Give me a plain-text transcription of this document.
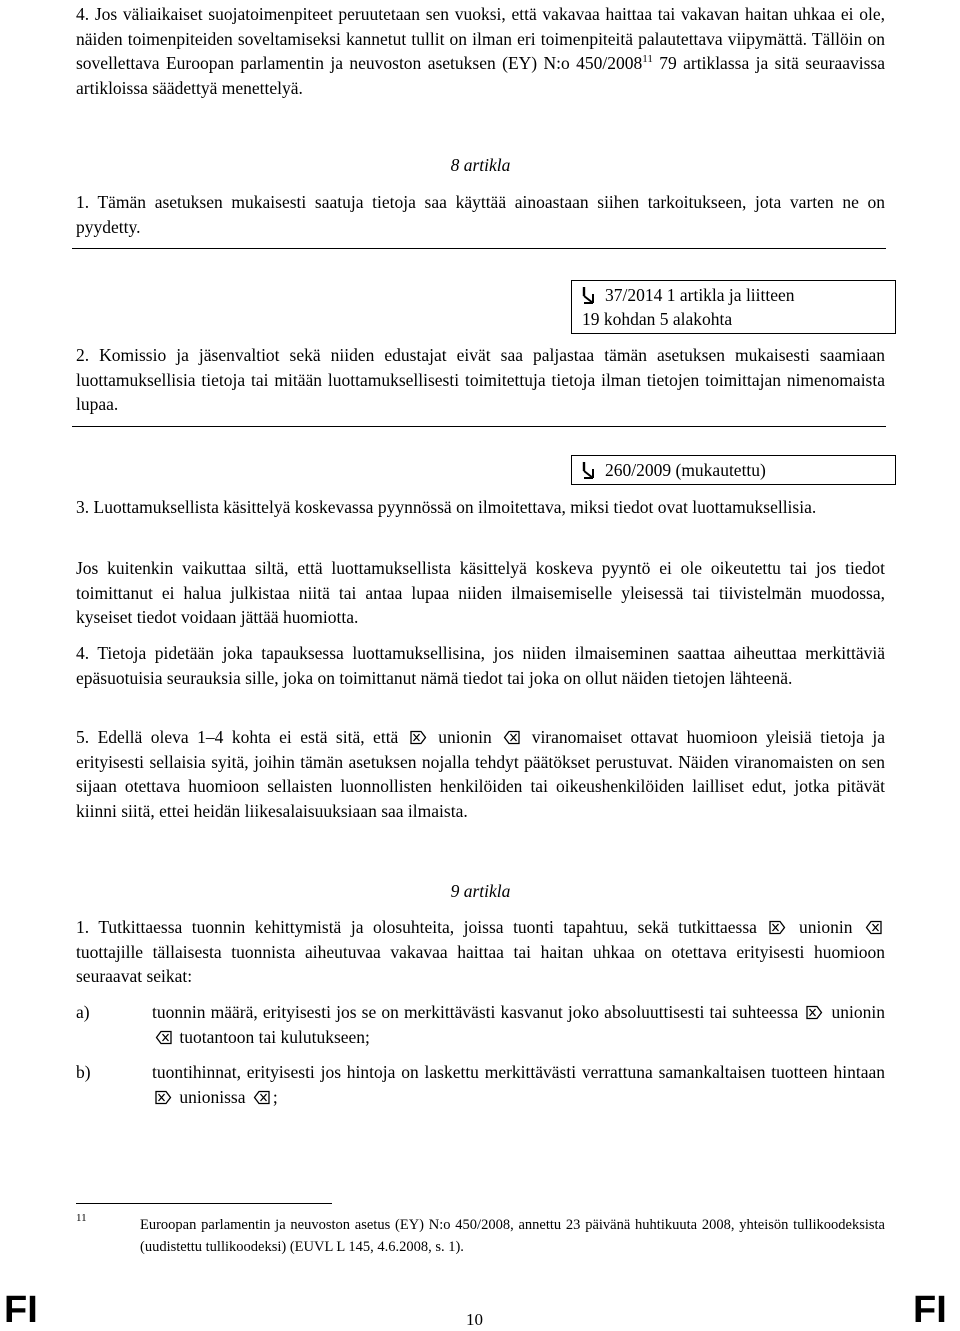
4. Jos väliaikaiset suojatoimenpiteet peruutetaan sen vuoksi, että vakavaa haittaa tai vakavan haitan uhkaa ei ole, näiden toimenpiteiden soveltamiseksi kannetut tullit on ilman eri toimenpiteitä palautettava viipymättä. Tällöin on sovellettava Euroopan parlamentin ja neuvoston asetuksen (EY) N:o 450/2008$^{11}$ 79 artiklassa ja sitä seuraavissa artikloissa säädettyä menettelyä.

8 artikla

1. Tämän asetuksen mukaisesti saatuja tietoja saa käyttää ainoastaan siihen tarkoitukseen, jota varten ne on pyydetty.

37/2014 1 artikla ja liitteen
19 kohdan 5 alakohta

2. Komissio ja jäsenvaltiot sekä niiden edustajat eivät saa paljastaa tämän asetuksen mukaisesti saamiaan luottamuksellisia tietoja tai mitään luottamuksellisesti toimitettuja tietoja ilman tietojen toimittajan nimenomaista lupaa.

260/2009 (mukautettu)

3. Luottamuksellista käsittelyä koskevassa pyynnössä on ilmoitettava, miksi tiedot ovat luottamuksellisia.

Jos kuitenkin vaikuttaa siltä, että luottamuksellista käsittelyä koskeva pyyntö ei ole oikeutettu tai jos tiedot toimittanut ei halua julkistaa niitä tai antaa lupaa niiden ilmaisemiselle yleisessä tai tiivistelmän muodossa, kyseiset tiedot voidaan jättää huomiotta.

4. Tietoja pidetään joka tapauksessa luottamuksellisina, jos niiden ilmaiseminen saattaa aiheuttaa merkittäviä epäsuotuisia seurauksia sille, joka on toimittanut nämä tiedot tai joka on ollut näiden tietojen lähteenä.

5. Edellä oleva 1–4 kohta ei estä sitä, että unionin viranomaiset ottavat huomioon yleisiä tietoja ja erityisesti sellaisia syitä, joihin tämän asetuksen nojalla tehdyt päätökset perustuvat. Näiden viranomaisten on sen sijaan otettava huomioon sellaisten luonnollisten henkilöiden tai oikeushenkilöiden lailliset edut, jotka pitävät kiinni siitä, ettei heidän liikesalaisuuksiaan saa ilmaista.

9 artikla

1. Tutkittaessa tuonnin kehittymistä ja olosuhteita, joissa tuonti tapahtuu, sekä tutkittaessa unionin  tuottajille tällaisesta tuonnista aiheutuvaa vakavaa haittaa tai haitan uhkaa on otettava erityisesti huomioon seuraavat seikat:

a)	tuonnin määrä, erityisesti jos se on merkittävästi kasvanut joko absoluuttisesti tai suhteessa unionin  tuotantoon tai kulutukseen;

b)	tuontihinnat, erityisesti jos hintoja on laskettu merkittävästi verrattuna samankaltaisen tuotteen hintaan  unionissa ;

11	Euroopan parlamentin ja neuvoston asetus (EY) N:o 450/2008, annettu 23 päivänä huhtikuuta 2008, yhteisön tullikoodeksista (uudistettu tullikoodeksi) (EUVL L 145, 4.6.2008, s. 1).

FI	10	FI
